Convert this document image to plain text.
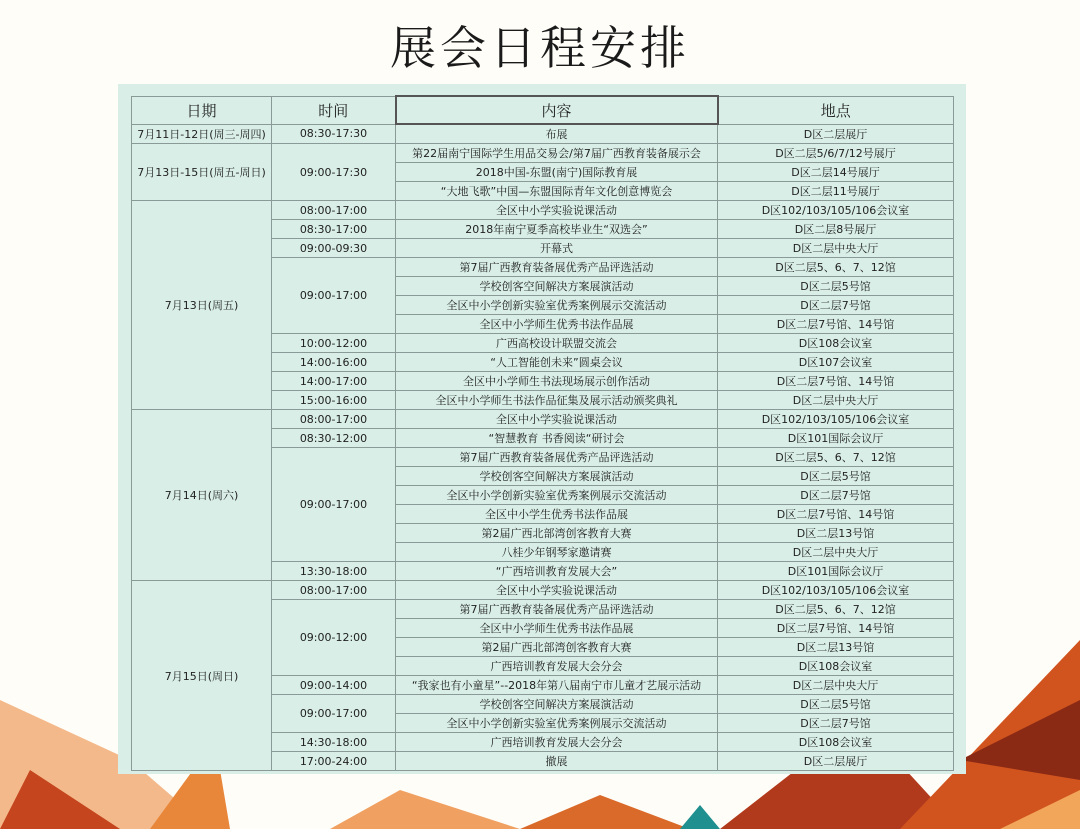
展会日程安排
日期	时间	内容	地点
7月11日-12日(周三-周四)	08:30-17:30	布展	D区二层展厅
7月13日-15日(周五-周日)	09:00-17:30	第22届南宁国际学生用品交易会/第7届广西教育装备展示会	D区二层5/6/7/12号展厅
		2018中国-东盟(南宁)国际教育展	D区二层14号展厅
		“大地飞歌”中国—东盟国际青年文化创意博览会	D区二层11号展厅
7月13日(周五)	08:00-17:00	全区中小学实验说课活动	D区102/103/105/106会议室
	08:30-17:00	2018年南宁夏季高校毕业生“双选会”	D区二层8号展厅
	09:00-09:30	开幕式	D区二层中央大厅
	09:00-17:00	第7届广西教育装备展优秀产品评选活动	D区二层5、6、7、12馆
		学校创客空间解决方案展演活动	D区二层5号馆
		全区中小学创新实验室优秀案例展示交流活动	D区二层7号馆
		全区中小学师生优秀书法作品展	D区二层7号馆、14号馆
	10:00-12:00	广西高校设计联盟交流会	D区108会议室
	14:00-16:00	“人工智能创未来”圆桌会议	D区107会议室
	14:00-17:00	全区中小学师生书法现场展示创作活动	D区二层7号馆、14号馆
	15:00-16:00	全区中小学师生书法作品征集及展示活动颁奖典礼	D区二层中央大厅
7月14日(周六)	08:00-17:00	全区中小学实验说课活动	D区102/103/105/106会议室
	08:30-12:00	“智慧教育 书香阅读“研讨会	D区101国际会议厅
	09:00-17:00	第7届广西教育装备展优秀产品评选活动	D区二层5、6、7、12馆
		学校创客空间解决方案展演活动	D区二层5号馆
		全区中小学创新实验室优秀案例展示交流活动	D区二层7号馆
		全区中小学生优秀书法作品展	D区二层7号馆、14号馆
		第2届广西北部湾创客教育大赛	D区二层13号馆
		八桂少年钢琴家邀请赛	D区二层中央大厅
	13:30-18:00	“广西培训教育发展大会”	D区101国际会议厅
7月15日(周日)	08:00-17:00	全区中小学实验说课活动	D区102/103/105/106会议室
	09:00-12:00	第7届广西教育装备展优秀产品评选活动	D区二层5、6、7、12馆
		全区中小学师生优秀书法作品展	D区二层7号馆、14号馆
		第2届广西北部湾创客教育大赛	D区二层13号馆
		广西培训教育发展大会分会	D区108会议室
	09:00-14:00	“我家也有小童星”--2018年第八届南宁市儿童才艺展示活动	D区二层中央大厅
	09:00-17:00	学校创客空间解决方案展演活动	D区二层5号馆
		全区中小学创新实验室优秀案例展示交流活动	D区二层7号馆
	14:30-18:00	广西培训教育发展大会分会	D区108会议室
	17:00-24:00	撤展	D区二层展厅
